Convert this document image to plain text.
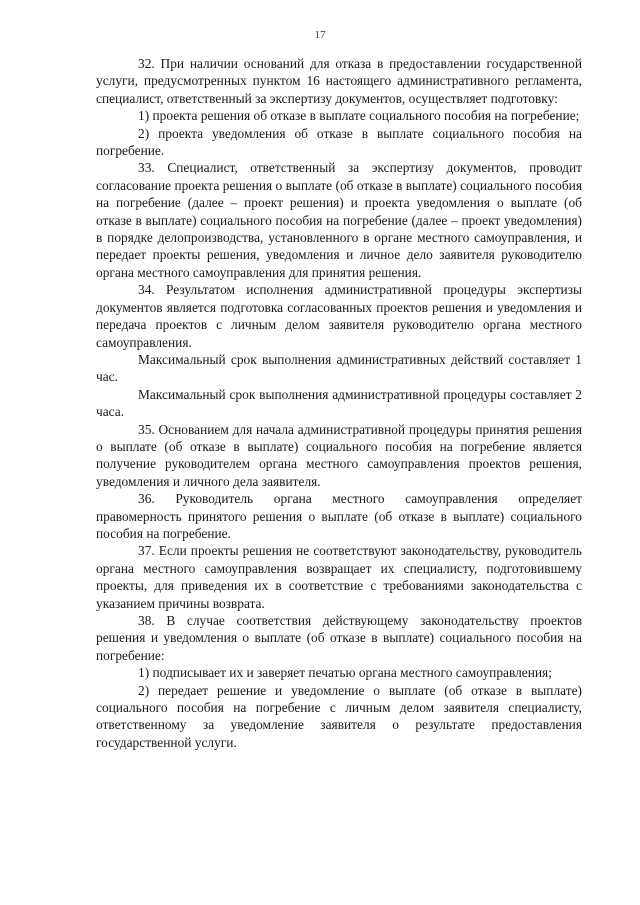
17

32. При наличии оснований для отказа в предоставлении государственной услуги, предусмотренных пунктом 16 настоящего административного регламента, специалист, ответственный за экспертизу документов, осуществляет подготовку:

1) проекта решения об отказе в выплате социального пособия на погребение;

2) проекта уведомления об отказе в выплате социального пособия на погребение.

33. Специалист, ответственный за экспертизу документов, проводит согласование проекта решения о выплате (об отказе в выплате) социального пособия на погребение (далее – проект решения) и проекта уведомления о выплате (об отказе в выплате) социального пособия на погребение (далее – проект уведомления) в порядке делопроизводства, установленного в органе местного самоуправления, и передает проекты решения, уведомления и личное дело заявителя руководителю органа местного самоуправления для принятия решения.

34. Результатом исполнения административной процедуры экспертизы документов является подготовка согласованных проектов решения и уведомления и передача проектов с личным делом заявителя руководителю органа местного самоуправления.

Максимальный срок выполнения административных действий составляет 1 час.

Максимальный срок выполнения административной процедуры составляет 2 часа.

35. Основанием для начала административной процедуры принятия решения о выплате (об отказе в выплате) социального пособия на погребение является получение руководителем органа местного самоуправления проектов решения, уведомления и личного дела заявителя.

36. Руководитель органа местного самоуправления определяет правомерность принятого решения о выплате (об отказе в выплате) социального пособия на погребение.

37. Если проекты решения не соответствуют законодательству, руководитель органа местного самоуправления возвращает их специалисту, подготовившему проекты, для приведения их в соответствие с требованиями законодательства с указанием причины возврата.

38. В случае соответствия действующему законодательству проектов решения и уведомления о выплате (об отказе в выплате) социального пособия на погребение:

1) подписывает их и заверяет печатью органа местного самоуправления;

2) передает решение и уведомление о выплате (об отказе в выплате) социального пособия на погребение с личным делом заявителя специалисту, ответственному за уведомление заявителя о результате предоставления государственной услуги.
